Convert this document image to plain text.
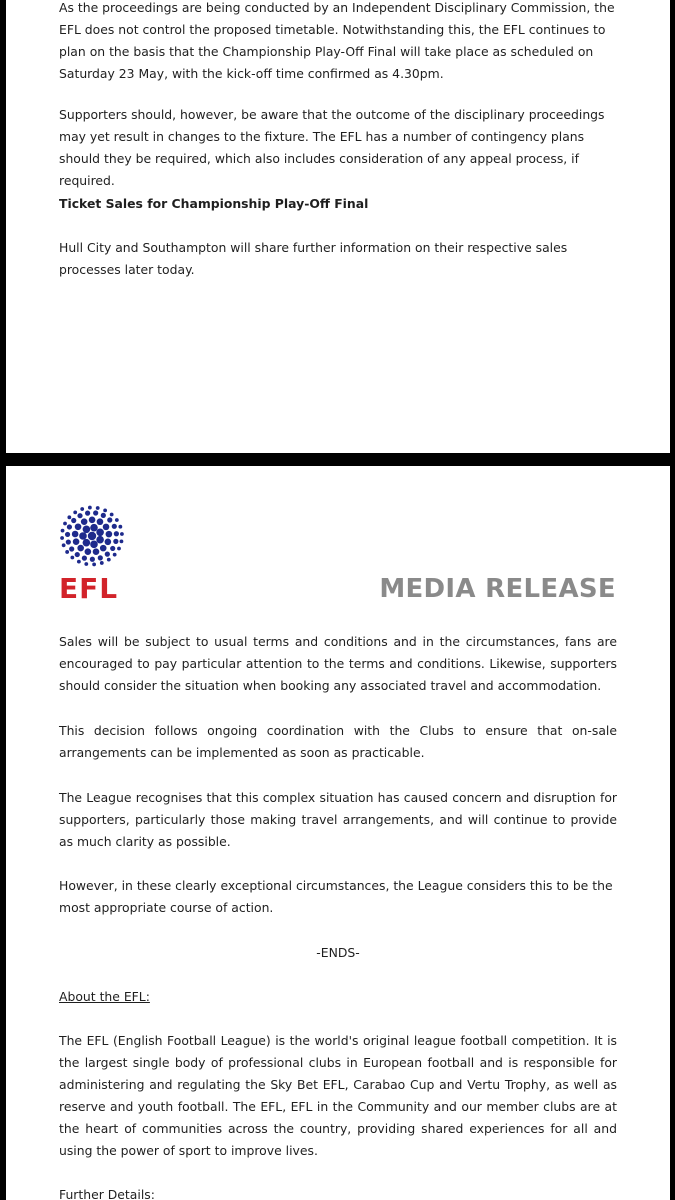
As the proceedings are being conducted by an Independent Disciplinary Commission, the EFL does not control the proposed timetable. Notwithstanding this, the EFL continues to plan on the basis that the Championship Play-Off Final will take place as scheduled on Saturday 23 May, with the kick-off time confirmed as 4.30pm.

Supporters should, however, be aware that the outcome of the disciplinary proceedings may yet result in changes to the fixture. The EFL has a number of contingency plans should they be required, which also includes consideration of any appeal process, if required.

Ticket Sales for Championship Play-Off Final

Hull City and Southampton will share further information on their respective sales processes later today.

EFL	MEDIA RELEASE

Sales will be subject to usual terms and conditions and in the circumstances, fans are encouraged to pay particular attention to the terms and conditions. Likewise, supporters should consider the situation when booking any associated travel and accommodation.

This decision follows ongoing coordination with the Clubs to ensure that on-sale arrangements can be implemented as soon as practicable.

The League recognises that this complex situation has caused concern and disruption for supporters, particularly those making travel arrangements, and will continue to provide as much clarity as possible.

However, in these clearly exceptional circumstances, the League considers this to be the most appropriate course of action.

-ENDS-

About the EFL:

The EFL (English Football League) is the world's original league football competition. It is the largest single body of professional clubs in European football and is responsible for administering and regulating the Sky Bet EFL, Carabao Cup and Vertu Trophy, as well as reserve and youth football. The EFL, EFL in the Community and our member clubs are at the heart of communities across the country, providing shared experiences for all and using the power of sport to improve lives.

Further Details:
